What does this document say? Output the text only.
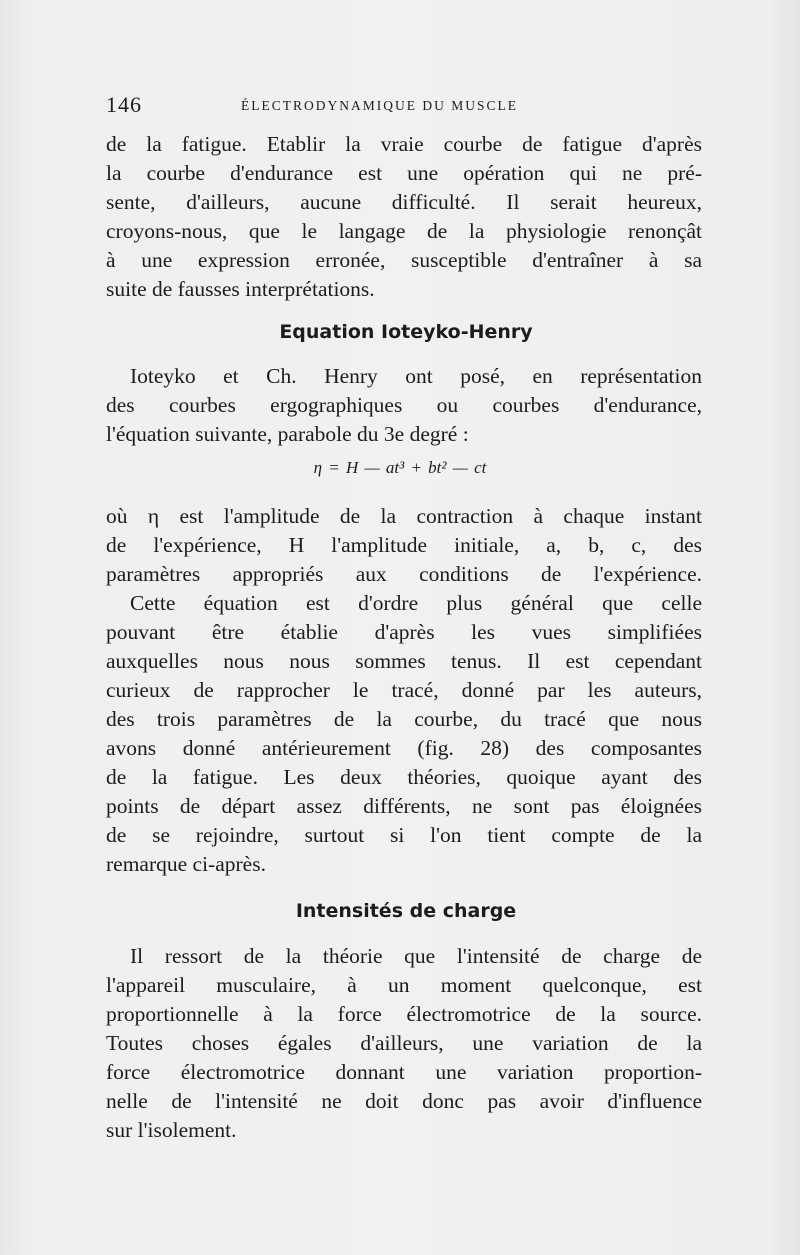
146	ÉLECTRODYNAMIQUE DU MUSCLE
de la fatigue. Etablir la vraie courbe de fatigue d'après
la courbe d'endurance est une opération qui ne pré-
sente, d'ailleurs, aucune difficulté. Il serait heureux,
croyons-nous, que le langage de la physiologie renonçât
à une expression erronée, susceptible d'entraîner à sa
suite de fausses interprétations.
Equation Ioteyko-Henry
Ioteyko et Ch. Henry ont posé, en représentation
des courbes ergographiques ou courbes d'endurance,
l'équation suivante, parabole du 3e degré :
η = H — at³ + bt² — ct
où η est l'amplitude de la contraction à chaque instant
de l'expérience, H l'amplitude initiale, a, b, c, des
paramètres appropriés aux conditions de l'expérience.
Cette équation est d'ordre plus général que celle
pouvant être établie d'après les vues simplifiées
auxquelles nous nous sommes tenus. Il est cependant
curieux de rapprocher le tracé, donné par les auteurs,
des trois paramètres de la courbe, du tracé que nous
avons donné antérieurement (fig. 28) des composantes
de la fatigue. Les deux théories, quoique ayant des
points de départ assez différents, ne sont pas éloignées
de se rejoindre, surtout si l'on tient compte de la
remarque ci-après.
Intensités de charge
Il ressort de la théorie que l'intensité de charge de
l'appareil musculaire, à un moment quelconque, est
proportionnelle à la force électromotrice de la source.
Toutes choses égales d'ailleurs, une variation de la
force électromotrice donnant une variation proportion-
nelle de l'intensité ne doit donc pas avoir d'influence
sur l'isolement.
